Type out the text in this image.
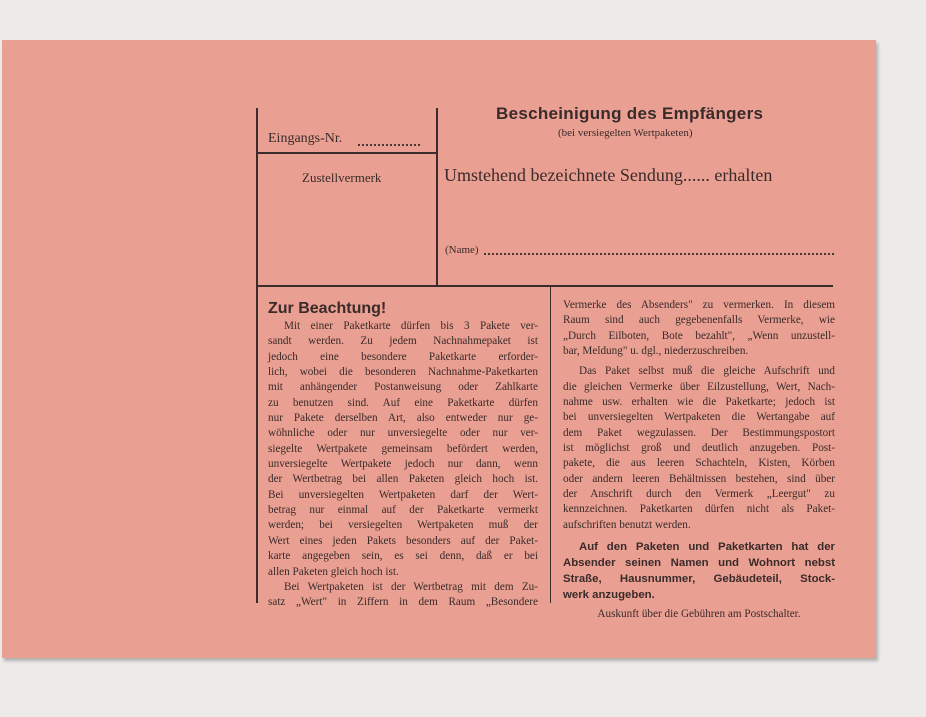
Bescheinigung des Empfängers
(bei versiegelten Wertpaketen)
Eingangs-Nr.
Zustellvermerk	Umstehend bezeichnete Sendung...... erhalten
(Name)
Zur Beachtung!
Mit einer Paketkarte dürfen bis 3 Pakete ver-
sandt werden. Zu jedem Nachnahmepaket ist
jedoch eine besondere Paketkarte erforder-
lich, wobei die besonderen Nachnahme-Paketkarten
mit anhängender Postanweisung oder Zahlkarte
zu benutzen sind. Auf eine Paketkarte dürfen
nur Pakete derselben Art, also entweder nur ge-
wöhnliche oder nur unversiegelte oder nur ver-
siegelte Wertpakete gemeinsam befördert werden,
unversiegelte Wertpakete jedoch nur dann, wenn
der Wertbetrag bei allen Paketen gleich hoch ist.
Bei unversiegelten Wertpaketen darf der Wert-
betrag nur einmal auf der Paketkarte vermerkt
werden; bei versiegelten Wertpaketen muß der
Wert eines jeden Pakets besonders auf der Paket-
karte angegeben sein, es sei denn, daß er bei
allen Paketen gleich hoch ist.
Bei Wertpaketen ist der Wertbetrag mit dem Zu-
satz „Wert" in Ziffern in dem Raum „Besondere
Vermerke des Absenders" zu vermerken. In diesem
Raum sind auch gegebenenfalls Vermerke, wie
„Durch Eilboten, Bote bezahlt", „Wenn unzustell-
bar, Meldung" u. dgl., niederzuschreiben.
Das Paket selbst muß die gleiche Aufschrift und
die gleichen Vermerke über Eilzustellung, Wert, Nach-
nahme usw. erhalten wie die Paketkarte; jedoch ist
bei unversiegelten Wertpaketen die Wertangabe auf
dem Paket wegzulassen. Der Bestimmungspostort
ist möglichst groß und deutlich anzugeben. Post-
pakete, die aus leeren Schachteln, Kisten, Körben
oder andern leeren Behältnissen bestehen, sind über
der Anschrift durch den Vermerk „Leergut" zu
kennzeichnen. Paketkarten dürfen nicht als Paket-
aufschriften benutzt werden.
Auf den Paketen und Paketkarten hat der
Absender seinen Namen und Wohnort nebst
Straße, Hausnummer, Gebäudeteil, Stock-
werk anzugeben.
Auskunft über die Gebühren am Postschalter.
